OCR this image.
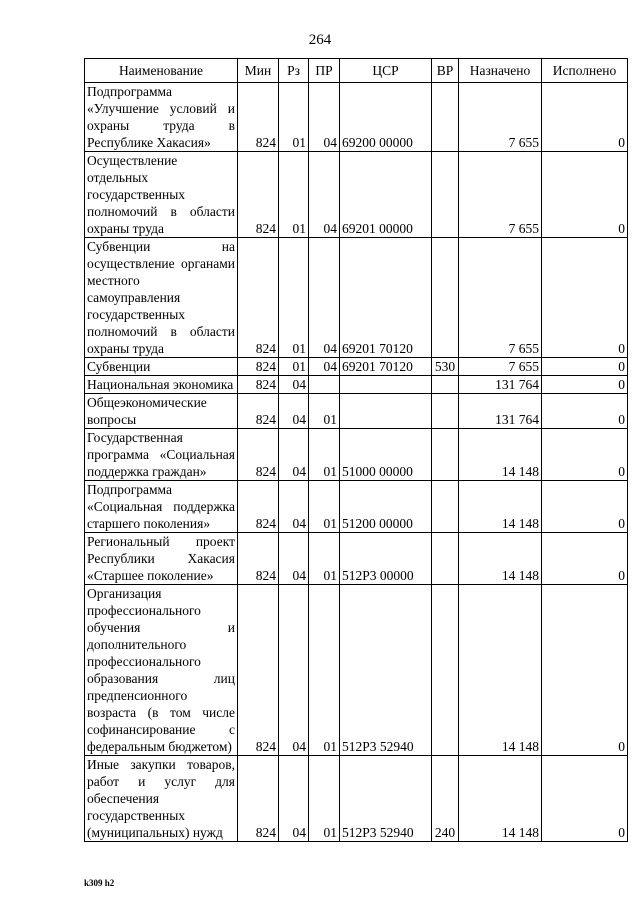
264
Наименование	Мин	Рз	ПР	ЦСР	ВР	Назначено	Исполнено
Подпрограмма «Улучшение условий и охраны труда в Республике Хакасия»	824	01	04	69200 00000		7 655	0
Осуществление отдельных государственных полномочий в области охраны труда	824	01	04	69201 00000		7 655	0
Субвенции на осуществление органами местного самоуправления государственных полномочий в области охраны труда	824	01	04	69201 70120		7 655	0
Субвенции	824	01	04	69201 70120	530	7 655	0
Национальная экономика	824	04				131 764	0
Общеэкономические вопросы	824	04	01			131 764	0
Государственная программа «Социальная поддержка граждан»	824	04	01	51000 00000		14 148	0
Подпрограмма «Социальная поддержка старшего поколения»	824	04	01	51200 00000		14 148	0
Региональный проект Республики Хакасия «Старшее поколение»	824	04	01	512P3 00000		14 148	0
Организация профессионального обучения и дополнительного профессионального образования лиц предпенсионного возраста (в том числе софинансирование с федеральным бюджетом)	824	04	01	512P3 52940		14 148	0
Иные закупки товаров, работ и услуг для обеспечения государственных (муниципальных) нужд	824	04	01	512P3 52940	240	14 148	0
k309 h2
